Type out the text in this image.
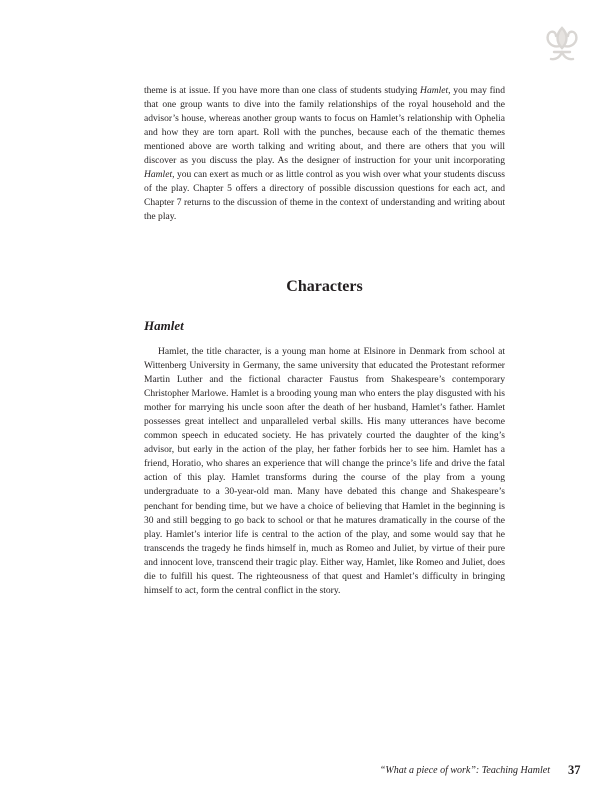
theme is at issue. If you have more than one class of students studying Hamlet, you may find that one group wants to dive into the family relationships of the royal household and the advisor’s house, whereas another group wants to focus on Hamlet’s relationship with Ophelia and how they are torn apart. Roll with the punches, because each of the thematic themes mentioned above are worth talking and writing about, and there are others that you will discover as you discuss the play. As the designer of instruction for your unit incorporating Hamlet, you can exert as much or as little control as you wish over what your students discuss of the play. Chapter 5 offers a directory of possible discussion questions for each act, and Chapter 7 returns to the discussion of theme in the context of understanding and writing about the play.

Characters
Hamlet

Hamlet, the title character, is a young man home at Elsinore in Denmark from school at Wittenberg University in Germany, the same university that educated the Protestant reformer Martin Luther and the fictional character Faustus from Shakespeare’s contemporary Christopher Marlowe. Hamlet is a brooding young man who enters the play disgusted with his mother for marrying his uncle soon after the death of her husband, Hamlet’s father. Hamlet possesses great intellect and unparalleled verbal skills. His many utterances have become common speech in educated society. He has privately courted the daughter of the king’s advisor, but early in the action of the play, her father forbids her to see him. Hamlet has a friend, Horatio, who shares an experience that will change the prince’s life and drive the fatal action of this play. Hamlet transforms during the course of the play from a young undergraduate to a 30-year-old man. Many have debated this change and Shakespeare’s penchant for bending time, but we have a choice of believing that Hamlet in the beginning is 30 and still begging to go back to school or that he matures dramatically in the course of the play. Hamlet’s interior life is central to the action of the play, and some would say that he transcends the tragedy he finds himself in, much as Romeo and Juliet, by virtue of their pure and innocent love, transcend their tragic play. Either way, Hamlet, like Romeo and Juliet, does die to fulfill his quest. The righteousness of that quest and Hamlet’s difficulty in bringing himself to act, form the central conflict in the story.

“What a piece of work”: Teaching Hamlet 37
